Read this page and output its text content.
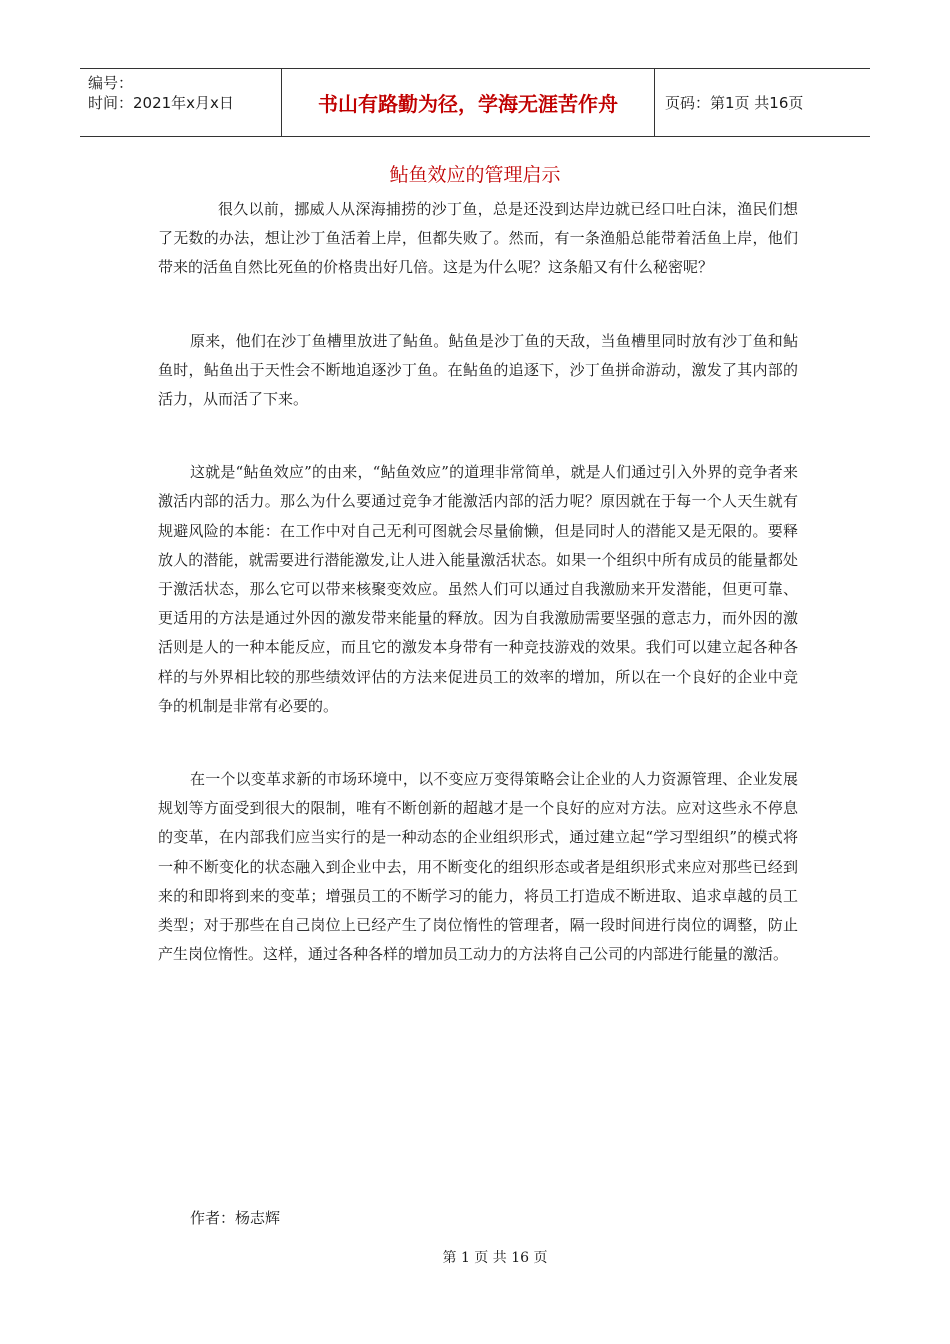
编号：
时间：2021年x月x日	书山有路勤为径，学海无涯苦作舟	页码：第1页 共16页
鲇鱼效应的管理启示

很久以前，挪威人从深海捕捞的沙丁鱼，总是还没到达岸边就已经口吐白沫，渔民们想了无数的办法，想让沙丁鱼活着上岸，但都失败了。然而，有一条渔船总能带着活鱼上岸，他们带来的活鱼自然比死鱼的价格贵出好几倍。这是为什么呢？这条船又有什么秘密呢？

原来，他们在沙丁鱼槽里放进了鲇鱼。鲇鱼是沙丁鱼的天敌，当鱼槽里同时放有沙丁鱼和鲇鱼时，鲇鱼出于天性会不断地追逐沙丁鱼。在鲇鱼的追逐下，沙丁鱼拼命游动，激发了其内部的活力，从而活了下来。

这就是“鲇鱼效应”的由来，“鲇鱼效应”的道理非常简单，就是人们通过引入外界的竞争者来激活内部的活力。那么为什么要通过竞争才能激活内部的活力呢？原因就在于每一个人天生就有规避风险的本能：在工作中对自己无利可图就会尽量偷懒，但是同时人的潜能又是无限的。要释放人的潜能，就需要进行潜能激发,让人进入能量激活状态。如果一个组织中所有成员的能量都处于激活状态，那么它可以带来核聚变效应。虽然人们可以通过自我激励来开发潜能，但更可靠、更适用的方法是通过外因的激发带来能量的释放。因为自我激励需要坚强的意志力，而外因的激活则是人的一种本能反应，而且它的激发本身带有一种竞技游戏的效果。我们可以建立起各种各样的与外界相比较的那些绩效评估的方法来促进员工的效率的增加，所以在一个良好的企业中竞争的机制是非常有必要的。

在一个以变革求新的市场环境中，以不变应万变得策略会让企业的人力资源管理、企业发展规划等方面受到很大的限制，唯有不断创新的超越才是一个良好的应对方法。应对这些永不停息的变革，在内部我们应当实行的是一种动态的企业组织形式，通过建立起“学习型组织”的模式将一种不断变化的状态融入到企业中去，用不断变化的组织形态或者是组织形式来应对那些已经到来的和即将到来的变革；增强员工的不断学习的能力，将员工打造成不断进取、追求卓越的员工类型；对于那些在自己岗位上已经产生了岗位惰性的管理者，隔一段时间进行岗位的调整，防止产生岗位惰性。这样，通过各种各样的增加员工动力的方法将自己公司的内部进行能量的激活。

作者：杨志辉
第 1 页 共 16 页
